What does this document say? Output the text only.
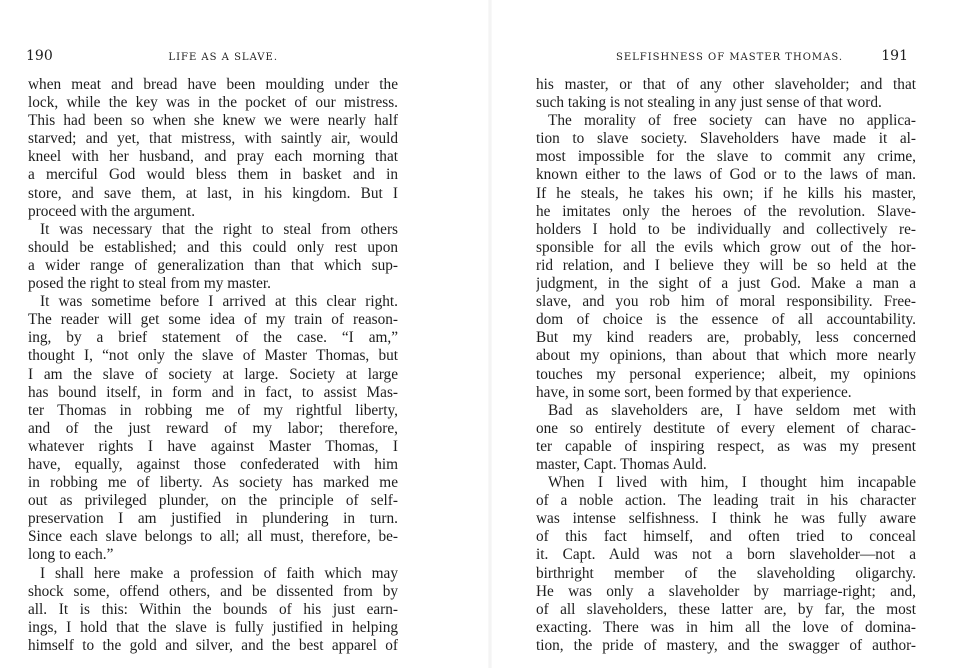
190	LIFE AS A SLAVE.
when meat and bread have been moulding under the
lock, while the key was in the pocket of our mistress.
This had been so when she knew we were nearly half
starved; and yet, that mistress, with saintly air, would
kneel with her husband, and pray each morning that
a merciful God would bless them in basket and in
store, and save them, at last, in his kingdom. But I
proceed with the argument.
It was necessary that the right to steal from others
should be established; and this could only rest upon
a wider range of generalization than that which sup-
posed the right to steal from my master.
It was sometime before I arrived at this clear right.
The reader will get some idea of my train of reason-
ing, by a brief statement of the case. “I am,”
thought I, “not only the slave of Master Thomas, but
I am the slave of society at large. Society at large
has bound itself, in form and in fact, to assist Mas-
ter Thomas in robbing me of my rightful liberty,
and of the just reward of my labor; therefore,
whatever rights I have against Master Thomas, I
have, equally, against those confederated with him
in robbing me of liberty. As society has marked me
out as privileged plunder, on the principle of self-
preservation I am justified in plundering in turn.
Since each slave belongs to all; all must, therefore, be-
long to each.”
I shall here make a profession of faith which may
shock some, offend others, and be dissented from by
all. It is this: Within the bounds of his just earn-
ings, I hold that the slave is fully justified in helping
himself to the gold and silver, and the best apparel of
SELFISHNESS OF MASTER THOMAS.	191
his master, or that of any other slaveholder; and that
such taking is not stealing in any just sense of that word.
The morality of free society can have no applica-
tion to slave society. Slaveholders have made it al-
most impossible for the slave to commit any crime,
known either to the laws of God or to the laws of man.
If he steals, he takes his own; if he kills his master,
he imitates only the heroes of the revolution. Slave-
holders I hold to be individually and collectively re-
sponsible for all the evils which grow out of the hor-
rid relation, and I believe they will be so held at the
judgment, in the sight of a just God. Make a man a
slave, and you rob him of moral responsibility. Free-
dom of choice is the essence of all accountability.
But my kind readers are, probably, less concerned
about my opinions, than about that which more nearly
touches my personal experience; albeit, my opinions
have, in some sort, been formed by that experience.
Bad as slaveholders are, I have seldom met with
one so entirely destitute of every element of charac-
ter capable of inspiring respect, as was my present
master, Capt. Thomas Auld.
When I lived with him, I thought him incapable
of a noble action. The leading trait in his character
was intense selfishness. I think he was fully aware
of this fact himself, and often tried to conceal
it. Capt. Auld was not a born slaveholder—not a
birthright member of the slaveholding oligarchy.
He was only a slaveholder by marriage-right; and,
of all slaveholders, these latter are, by far, the most
exacting. There was in him all the love of domina-
tion, the pride of mastery, and the swagger of author-
